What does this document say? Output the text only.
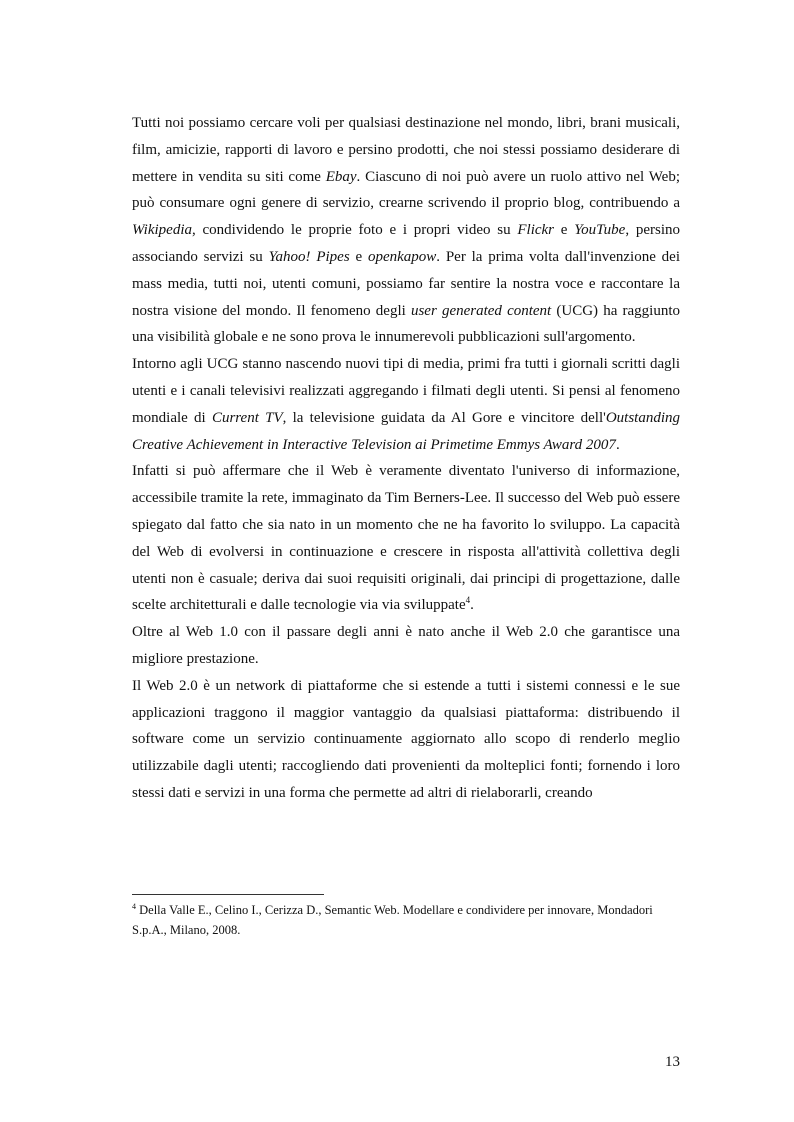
Tutti noi possiamo cercare voli per qualsiasi destinazione nel mondo, libri, brani musicali, film, amicizie, rapporti di lavoro e persino prodotti, che noi stessi possiamo desiderare di mettere in vendita su siti come Ebay. Ciascuno di noi può avere un ruolo attivo nel Web; può consumare ogni genere di servizio, crearne scrivendo il proprio blog, contribuendo a Wikipedia, condividendo le proprie foto e i propri video su Flickr e YouTube, persino associando servizi su Yahoo! Pipes e openkapow. Per la prima volta dall'invenzione dei mass media, tutti noi, utenti comuni, possiamo far sentire la nostra voce e raccontare la nostra visione del mondo. Il fenomeno degli user generated content (UCG) ha raggiunto una visibilità globale e ne sono prova le innumerevoli pubblicazioni sull'argomento.

Intorno agli UCG stanno nascendo nuovi tipi di media, primi fra tutti i giornali scritti dagli utenti e i canali televisivi realizzati aggregando i filmati degli utenti. Si pensi al fenomeno mondiale di Current TV, la televisione guidata da Al Gore e vincitore dell'Outstanding Creative Achievement in Interactive Television ai Primetime Emmys Award 2007.

Infatti si può affermare che il Web è veramente diventato l'universo di informazione, accessibile tramite la rete, immaginato da Tim Berners-Lee. Il successo del Web può essere spiegato dal fatto che sia nato in un momento che ne ha favorito lo sviluppo. La capacità del Web di evolversi in continuazione e crescere in risposta all'attività collettiva degli utenti non è casuale; deriva dai suoi requisiti originali, dai principi di progettazione, dalle scelte architetturali e dalle tecnologie via via sviluppate$^4$.

Oltre al Web 1.0 con il passare degli anni è nato anche il Web 2.0 che garantisce una migliore prestazione.

Il Web 2.0 è un network di piattaforme che si estende a tutti i sistemi connessi e le sue applicazioni traggono il maggior vantaggio da qualsiasi piattaforma: distribuendo il software come un servizio continuamente aggiornato allo scopo di renderlo meglio utilizzabile dagli utenti; raccogliendo dati provenienti da molteplici fonti; fornendo i loro stessi dati e servizi in una forma che permette ad altri di rielaborarli, creando

$^4$ Della Valle E., Celino I., Cerizza D., Semantic Web. Modellare e condividere per innovare, Mondadori S.p.A., Milano, 2008.
13
